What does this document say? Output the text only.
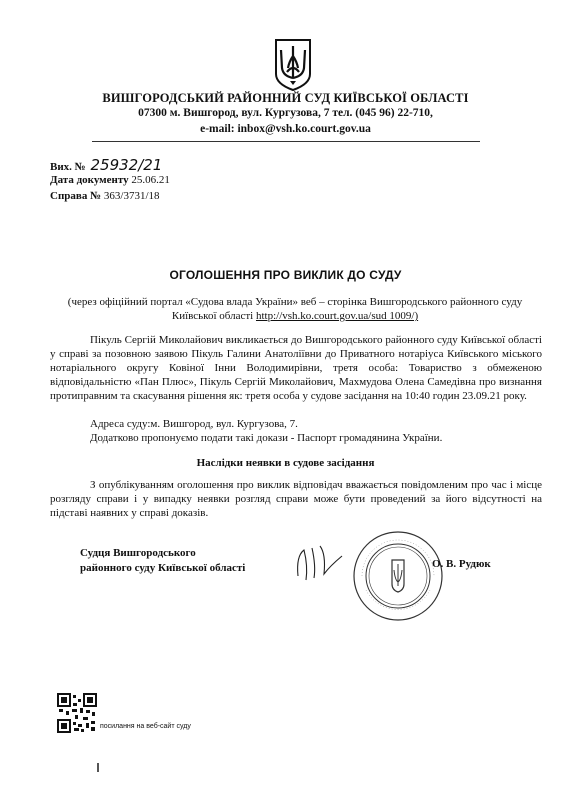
ВИШГОРОДСЬКИЙ РАЙОННИЙ СУД КИЇВСЬКОЇ ОБЛАСТІ
07300 м. Вишгород, вул. Кургузова, 7 тел. (045 96) 22-710,
e-mail: inbox@vsh.ko.court.gov.ua
Вих. № 25932/21
Дата документу 25.06.21
Справа № 363/3731/18
ОГОЛОШЕННЯ ПРО ВИКЛИК ДО СУДУ
(через офіційний портал «Судова влада України» веб – сторінка Вишгородського районного суду Київської області http://vsh.ko.court.gov.ua/sud 1009/)
Пікуль Сергій Миколайович викликається до Вишгородського районного суду Київської області у справі за позовною заявою Пікуль Галини Анатоліївни до Приватного нотаріуса Київського міського нотаріального округу Ковіної Інни Володимирівни, третя особа: Товариство з обмеженою відповідальністю «Пан Плюс», Пікуль Сергій Миколайович, Махмудова Олена Самедівна про визнання протиправним та скасування рішення як: третя особа у судове засідання на 10:40 годин 23.09.21 року.
Адреса суду:м. Вишгород, вул. Кургузова, 7.
Додатково пропонуємо подати такі докази - Паспорт громадянина України.
Наслідки неявки в судове засідання
З опублікуванням оголошення про виклик відповідач вважається повідомленим про час і місце розгляду справи і у випадку неявки розгляд справи може бути проведений за його відсутності на підставі наявних у справі доказів.
Судця Вишгородського
районного суду Київської області	О. В. Рудюк
посилання на веб-сайт суду
